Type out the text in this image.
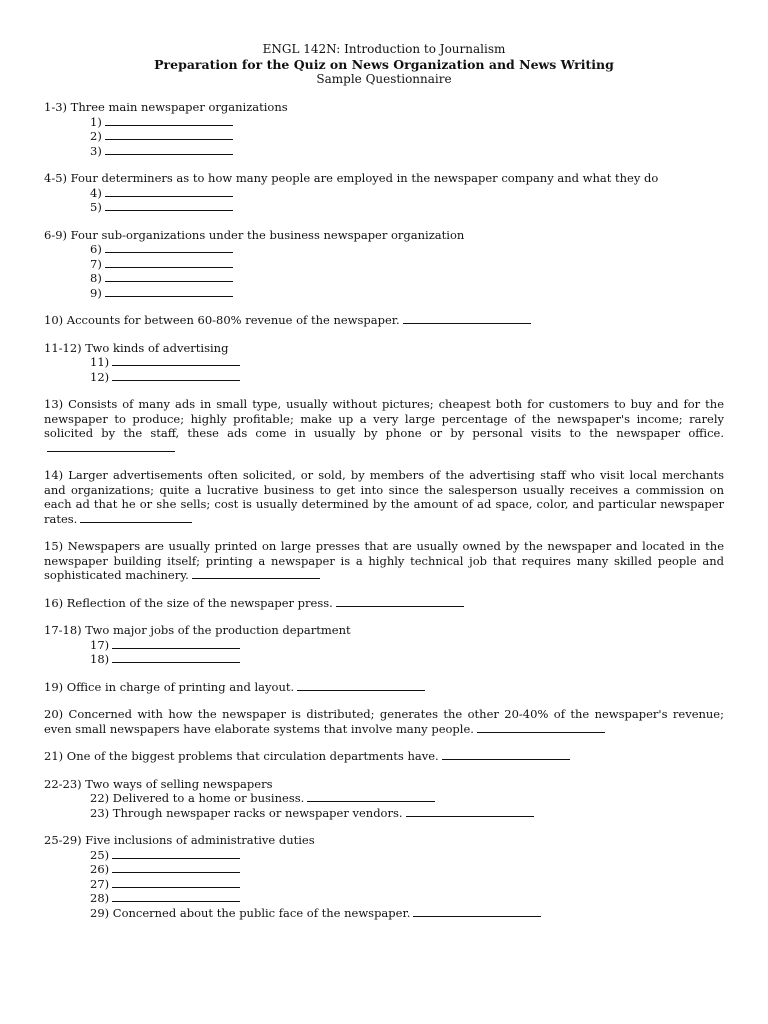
ENGL 142N: Introduction to Journalism
Preparation for the Quiz on News Organization and News Writing
Sample Questionnaire

1-3) Three main newspaper organizations

1)
2)
3)

4-5) Four determiners as to how many people are employed in the newspaper company and what they do

4)
5)

6-9) Four sub-organizations under the business newspaper organization

6)
7)
8)
9)

10) Accounts for between 60-80% revenue of the newspaper.

11-12) Two kinds of advertising

11)
12)

13) Consists of many ads in small type, usually without pictures; cheapest both for customers to buy and for the newspaper to produce; highly profitable; make up a very large percentage of the newspaper's income; rarely solicited by the staff, these ads come in usually by phone or by personal visits to the newspaper office.

14) Larger advertisements often solicited, or sold, by members of the advertising staff who visit local merchants and organizations; quite a lucrative business to get into since the salesperson usually receives a commission on each ad that he or she sells; cost is usually determined by the amount of ad space, color, and particular newspaper rates.

15) Newspapers are usually printed on large presses that are usually owned by the newspaper and located in the newspaper building itself; printing a newspaper is a highly technical job that requires many skilled people and sophisticated machinery.

16) Reflection of the size of the newspaper press.

17-18) Two major jobs of the production department

17)
18)

19) Office in charge of printing and layout.

20) Concerned with how the newspaper is distributed; generates the other 20-40% of the newspaper's revenue; even small newspapers have elaborate systems that involve many people.

21) One of the biggest problems that circulation departments have.

22-23) Two ways of selling newspapers

22) Delivered to a home or business.
23) Through newspaper racks or newspaper vendors.

25-29) Five inclusions of administrative duties

25)
26)
27)
28)
29) Concerned about the public face of the newspaper.
